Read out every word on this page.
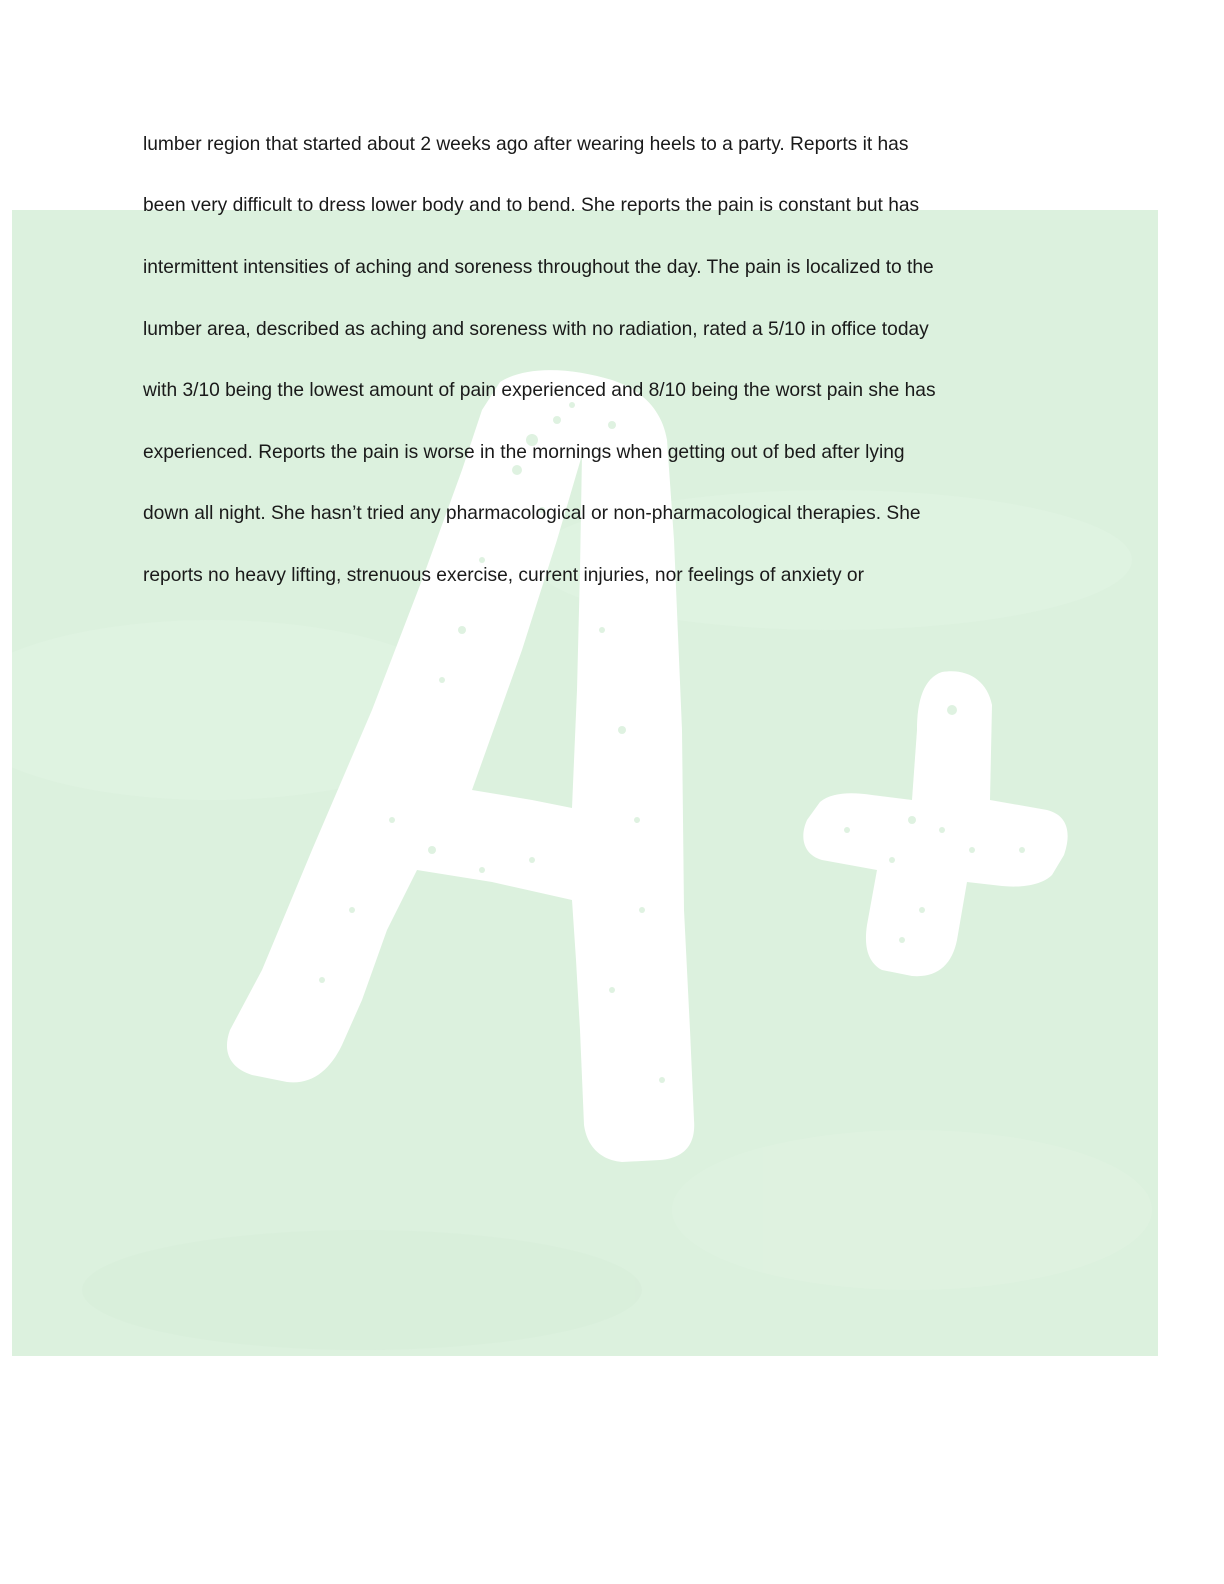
lumber region that started about 2 weeks ago after wearing heels to a party. Reports it has

been very difficult to dress lower body and to bend. She reports the pain is constant but has

intermittent intensities of aching and soreness throughout the day. The pain is localized to the

lumber area, described as aching and soreness with no radiation, rated a 5/10 in office today

with 3/10 being the lowest amount of pain experienced and 8/10 being the worst pain she has

experienced. Reports the pain is worse in the mornings when getting out of bed after lying

down all night. She hasn’t tried any pharmacological or non-pharmacological therapies. She

reports no heavy lifting, strenuous exercise, current injuries, nor feelings of anxiety or
